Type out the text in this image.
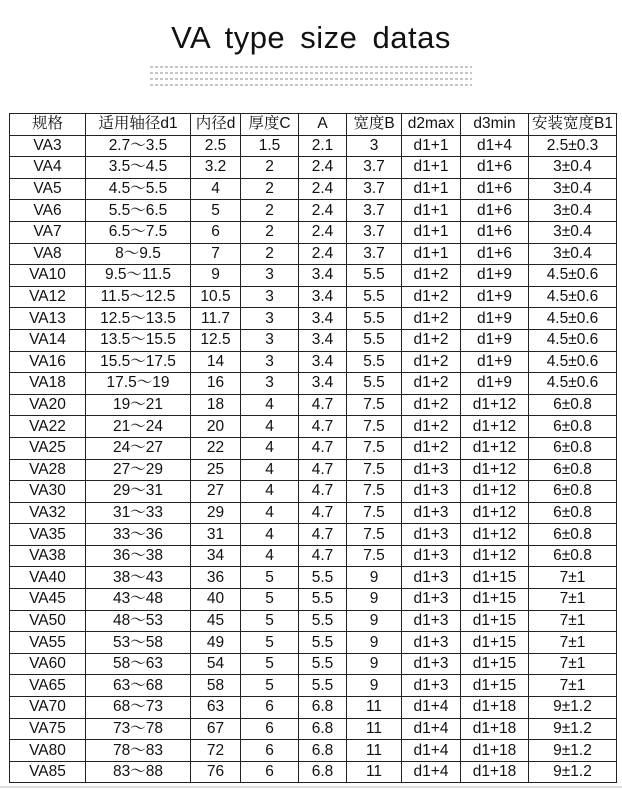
VA type size datas
规格	适用轴径d1	内径d	厚度C	A	宽度B	d2max	d3min	安装宽度B1
VA3	2.7～3.5	2.5	1.5	2.1	3	d1+1	d1+4	2.5±0.3
VA4	3.5～4.5	3.2	2	2.4	3.7	d1+1	d1+6	3±0.4
VA5	4.5～5.5	4	2	2.4	3.7	d1+1	d1+6	3±0.4
VA6	5.5～6.5	5	2	2.4	3.7	d1+1	d1+6	3±0.4
VA7	6.5～7.5	6	2	2.4	3.7	d1+1	d1+6	3±0.4
VA8	8～9.5	7	2	2.4	3.7	d1+1	d1+6	3±0.4
VA10	9.5～11.5	9	3	3.4	5.5	d1+2	d1+9	4.5±0.6
VA12	11.5～12.5	10.5	3	3.4	5.5	d1+2	d1+9	4.5±0.6
VA13	12.5～13.5	11.7	3	3.4	5.5	d1+2	d1+9	4.5±0.6
VA14	13.5～15.5	12.5	3	3.4	5.5	d1+2	d1+9	4.5±0.6
VA16	15.5～17.5	14	3	3.4	5.5	d1+2	d1+9	4.5±0.6
VA18	17.5～19	16	3	3.4	5.5	d1+2	d1+9	4.5±0.6
VA20	19～21	18	4	4.7	7.5	d1+2	d1+12	6±0.8
VA22	21～24	20	4	4.7	7.5	d1+2	d1+12	6±0.8
VA25	24～27	22	4	4.7	7.5	d1+2	d1+12	6±0.8
VA28	27～29	25	4	4.7	7.5	d1+3	d1+12	6±0.8
VA30	29～31	27	4	4.7	7.5	d1+3	d1+12	6±0.8
VA32	31～33	29	4	4.7	7.5	d1+3	d1+12	6±0.8
VA35	33～36	31	4	4.7	7.5	d1+3	d1+12	6±0.8
VA38	36～38	34	4	4.7	7.5	d1+3	d1+12	6±0.8
VA40	38～43	36	5	5.5	9	d1+3	d1+15	7±1
VA45	43～48	40	5	5.5	9	d1+3	d1+15	7±1
VA50	48～53	45	5	5.5	9	d1+3	d1+15	7±1
VA55	53～58	49	5	5.5	9	d1+3	d1+15	7±1
VA60	58～63	54	5	5.5	9	d1+3	d1+15	7±1
VA65	63～68	58	5	5.5	9	d1+3	d1+15	7±1
VA70	68～73	63	6	6.8	11	d1+4	d1+18	9±1.2
VA75	73～78	67	6	6.8	11	d1+4	d1+18	9±1.2
VA80	78～83	72	6	6.8	11	d1+4	d1+18	9±1.2
VA85	83～88	76	6	6.8	11	d1+4	d1+18	9±1.2
